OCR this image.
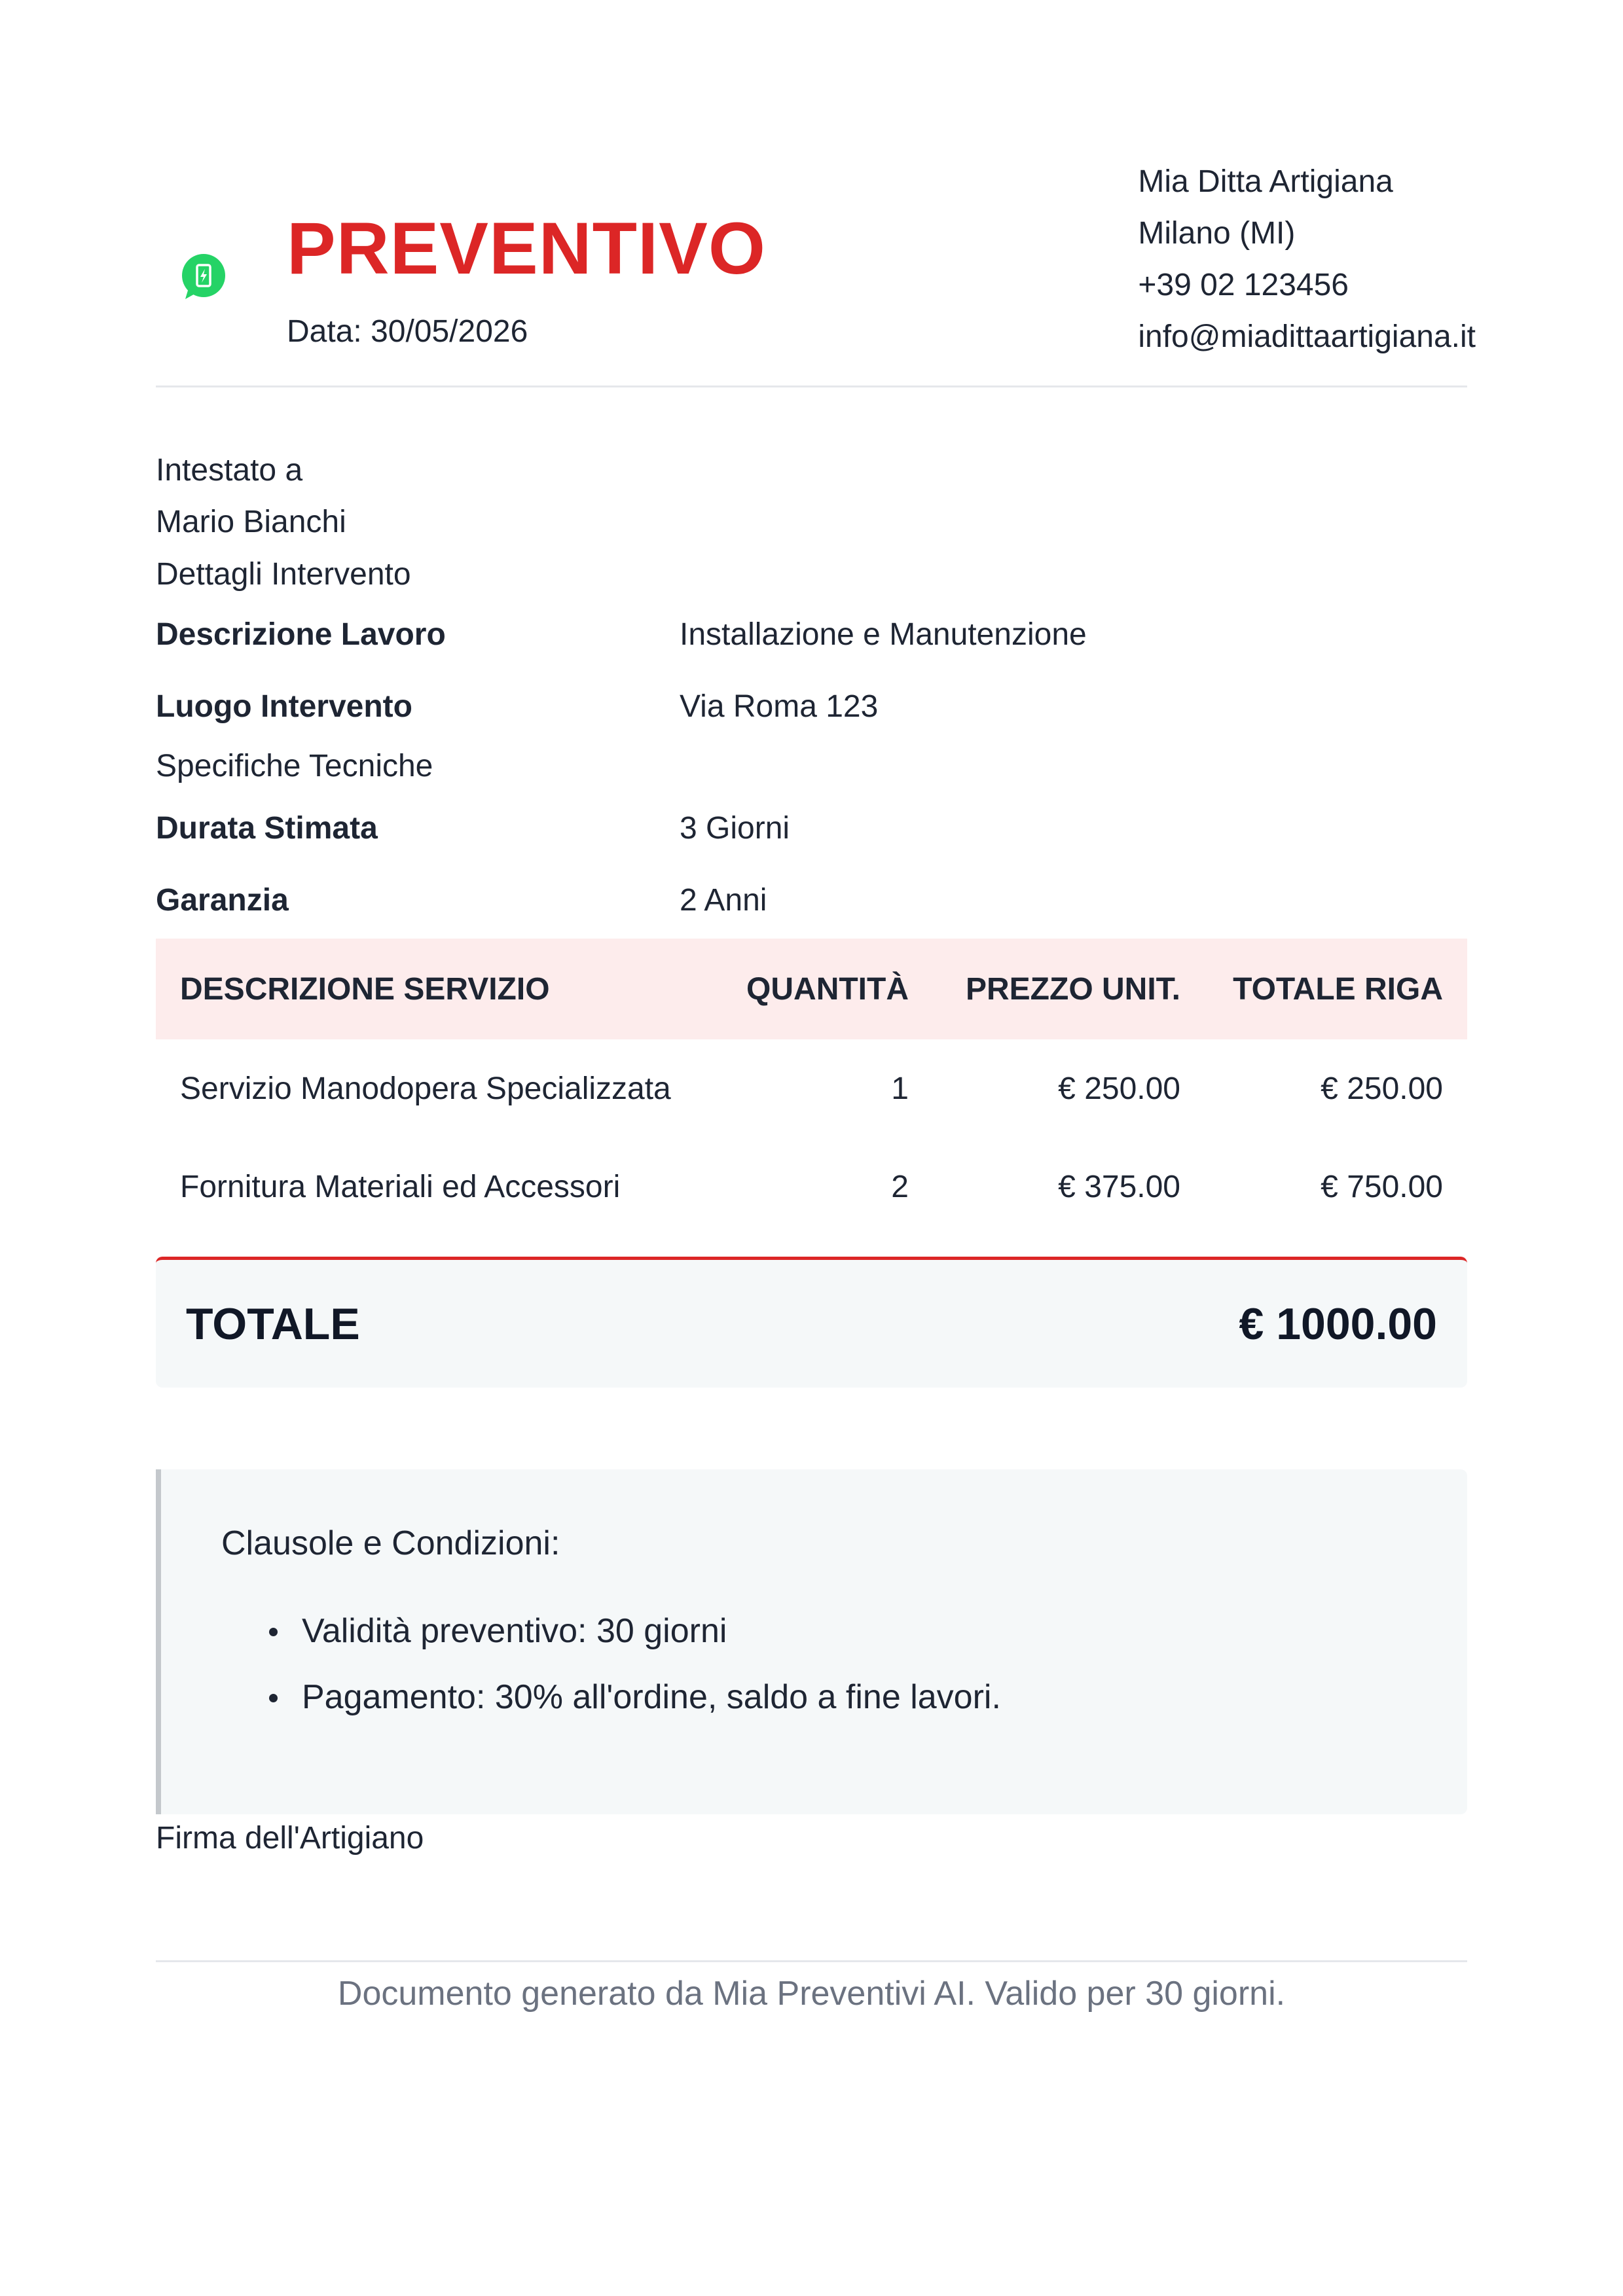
PREVENTIVO
Data: 30/05/2026
Mia Ditta Artigiana
Milano (MI)
+39 02 123456
info@miadittaartigiana.it
Intestato a
Mario Bianchi
Dettagli Intervento
Descrizione Lavoro	Installazione e Manutenzione
Luogo Intervento	Via Roma 123
Specifiche Tecniche
Durata Stimata	3 Giorni
Garanzia	2 Anni
DESCRIZIONE SERVIZIO	QUANTITÀ	PREZZO UNIT.	TOTALE RIGA
Servizio Manodopera Specializzata	1	€ 250.00	€ 250.00
Fornitura Materiali ed Accessori	2	€ 375.00	€ 750.00
TOTALE	€ 1000.00
Clausole e Condizioni:
Validità preventivo: 30 giorni
Pagamento: 30% all'ordine, saldo a fine lavori.
Firma dell'Artigiano
Documento generato da Mia Preventivi AI. Valido per 30 giorni.
